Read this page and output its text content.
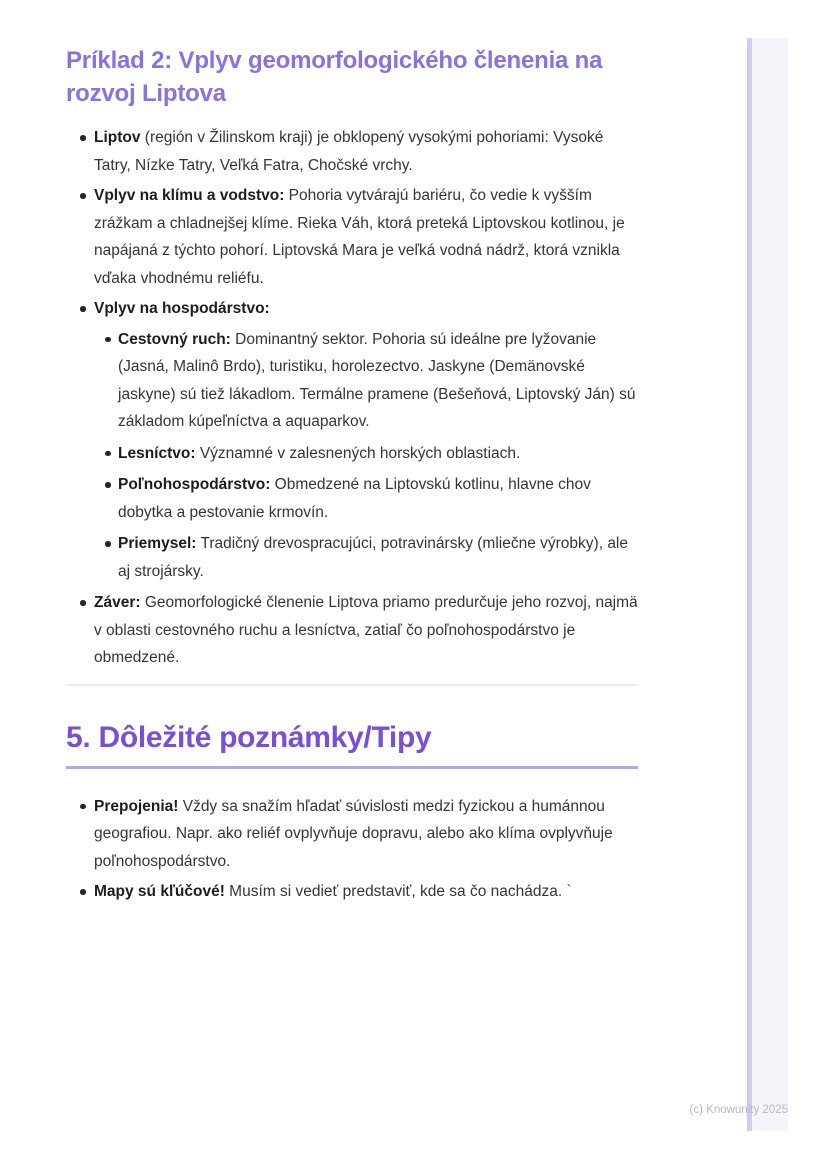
Príklad 2: Vplyv geomorfologického členenia na rozvoj Liptova
Liptov (región v Žilinskom kraji) je obklopený vysokými pohoriami: Vysoké Tatry, Nízke Tatry, Veľká Fatra, Chočské vrchy.
Vplyv na klímu a vodstvo: Pohoria vytvárajú bariéru, čo vedie k vyšším zrážkam a chladnejšej klíme. Rieka Váh, ktorá preteká Liptovskou kotlinou, je napájaná z týchto pohorí. Liptovská Mara je veľká vodná nádrž, ktorá vznikla vďaka vhodnému reliéfu.
Vplyv na hospodárstvo:
Cestovný ruch: Dominantný sektor. Pohoria sú ideálne pre lyžovanie (Jasná, Malinô Brdo), turistiku, horolezectvo. Jaskyne (Demänovské jaskyne) sú tiež lákadlom. Termálne pramene (Bešeňová, Liptovský Ján) sú základom kúpeľníctva a aquaparkov.
Lesníctvo: Významné v zalesnených horských oblastiach.
Poľnohospodárstvo: Obmedzené na Liptovskú kotlinu, hlavne chov dobytka a pestovanie krmovín.
Priemysel: Tradičný drevospracujúci, potravinársky (mliečne výrobky), ale aj strojársky.
Záver: Geomorfologické členenie Liptova priamo predurčuje jeho rozvoj, najmä v oblasti cestovného ruchu a lesníctva, zatiaľ čo poľnohospodárstvo je obmedzené.
5. Dôležité poznámky/Tipy
Prepojenia! Vždy sa snažím hľadať súvislosti medzi fyzickou a humánnou geografiou. Napr. ako reliéf ovplyvňuje dopravu, alebo ako klíma ovplyvňuje poľnohospodárstvo.
Mapy sú kľúčové! Musím si vedieť predstaviť, kde sa čo nachádza. `
(c) Knowunity 2025
